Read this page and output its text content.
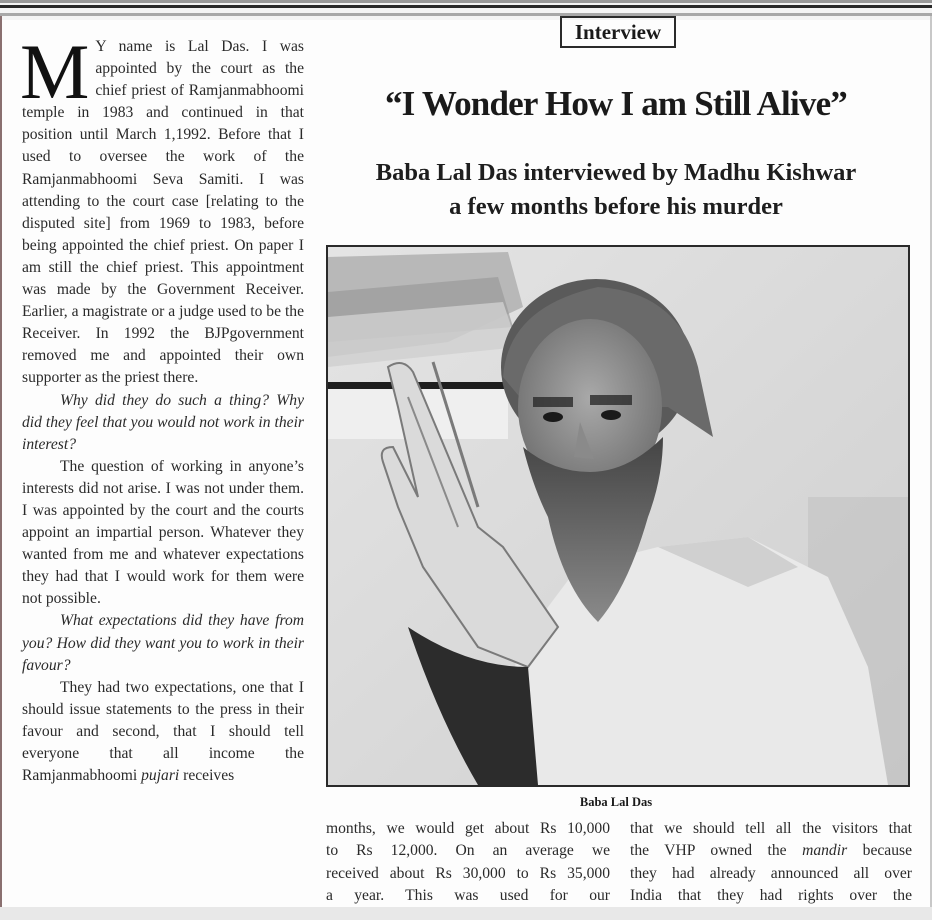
Interview

M Y name is Lal Das. I was appointed by the court as the chief priest of Ramjanmabhoomi temple in 1983 and continued in that position until March 1,1992. Before that I used to oversee the work of the Ramjanmabhoomi Seva Samiti. I was attending to the court case [relating to the disputed site] from 1969 to 1983, before being appointed the chief priest. On paper I am still the chief priest. This appointment was made by the Government Receiver. Earlier, a magistrate or a judge used to be the Receiver. In 1992 the BJPgovernment removed me and appointed their own supporter as the priest there.

Why did they do such a thing? Why did they feel that you would not work in their interest?

The question of working in anyone’s interests did not arise. I was not under them. I was appointed by the court and the courts appoint an impartial person. Whatever they wanted from me and whatever expectations they had that I would work for them were not possible.

What expectations did they have from you? How did they want you to work in their favour?

They had two expectations, one that I should issue statements to the press in their favour and second, that I should tell everyone that all income the Ramjanmabhoomi pujari receives

“I Wonder How I am Still Alive”
Baba Lal Das interviewed by Madhu Kishwar
a few months before his murder
Baba Lal Das
months, we would get about Rs 10,000
to Rs 12,000. On an average we
received about Rs 30,000 to Rs 35,000
a year. This was used for our
that we should tell all the visitors that
the VHP owned the mandir because
they had already announced all over
India that they had rights over the
